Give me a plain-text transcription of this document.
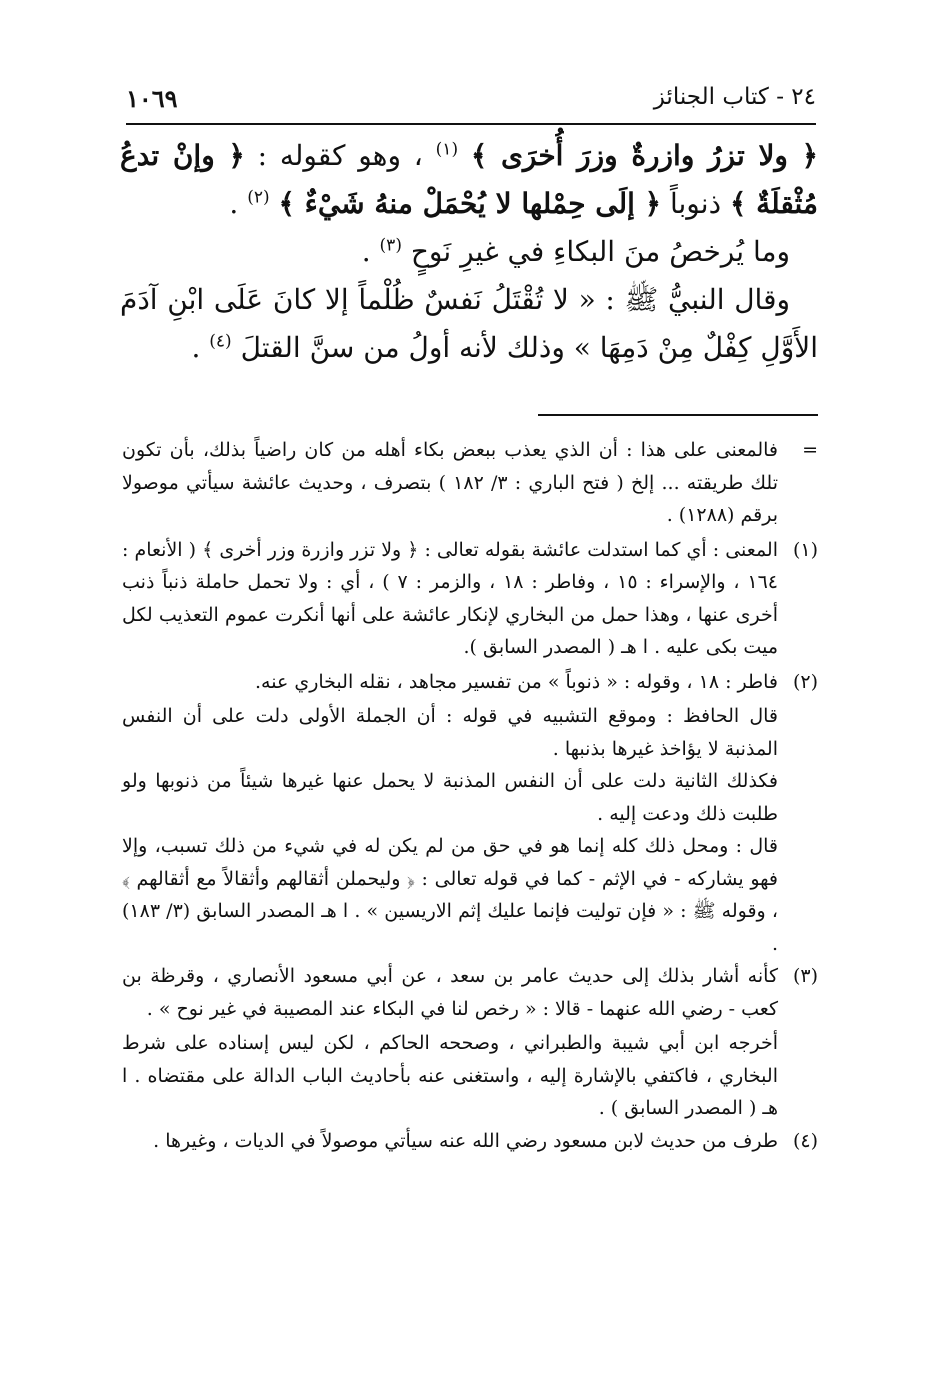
١٠٦٩	٢٤ - كتاب الجنائز

﴿ ولا تزرُ وازرةٌ وزرَ أُخرَى ﴾ $^{(١)}$ ، وهو كقوله : ﴿ وإنْ تدعُ مُثْقلَةٌ ﴾ ذنوباً ﴿ إلَى حِمْلها لا يُحْمَلْ منهُ شَيْءٌ ﴾ $^{(٢)}$ .

وما يُرخصُ منَ البكاءِ في غيرِ نَوحٍ $^{(٣)}$ .

وقال النبيُّ ﷺ : « لا تُقْتَلُ نَفسٌ ظُلْماً إلا كانَ عَلَى ابْنِ آدَمَ الأَوَّلِ كِفْلٌ مِنْ دَمِهَا » وذلك لأنه أولُ من سنَّ القتلَ $^{(٤)}$ .

=
فالمعنى على هذا : أن الذي يعذب ببعض بكاء أهله من كان راضياً بذلك، بأن تكون تلك طريقته ... إلخ ( فتح الباري : ٣/ ١٨٢ ) بتصرف ، وحديث عائشة سيأتي موصولا برقم (١٢٨٨) .
(١)
المعنى : أي كما استدلت عائشة بقوله تعالى : ﴿ ولا تزر وازرة وزر أخرى ﴾ ( الأنعام : ١٦٤ ، والإسراء : ١٥ ، وفاطر : ١٨ ، والزمر : ٧ ) ، أي : ولا تحمل حاملة ذنباً ذنب أخرى عنها ، وهذا حمل من البخاري لإنكار عائشة على أنها أنكرت عموم التعذيب لكل ميت بكى عليه . ا هـ ( المصدر السابق ).
(٢)
فاطر : ١٨ ، وقوله : « ذنوباً » من تفسير مجاهد ، نقله البخاري عنه.

قال الحافظ : وموقع التشبيه في قوله : أن الجملة الأولى دلت على أن النفس المذنبة لا يؤاخذ غيرها بذنبها .

فكذلك الثانية دلت على أن النفس المذنبة لا يحمل عنها غيرها شيئاً من ذنوبها ولو طلبت ذلك ودعت إليه .

قال : ومحل ذلك كله إنما هو في حق من لم يكن له في شيء من ذلك تسبب، وإلا فهو يشاركه - في الإثم - كما في قوله تعالى : ﴿ وليحملن أثقالهم وأثقالاً مع أثقالهم ﴾ ، وقوله ﷺ : « فإن توليت فإنما عليك إثم الاريسين » . ا هـ المصدر السابق (٣/ ١٨٣) .

(٣)
كأنه أشار بذلك إلى حديث عامر بن سعد ، عن أبي مسعود الأنصاري ، وقرظة بن كعب - رضي الله عنهما - قالا : « رخص لنا في البكاء عند المصيبة في غير نوح » .

أخرجه ابن أبي شيبة والطبراني ، وصححه الحاكم ، لكن ليس إسناده على شرط البخاري ، فاكتفي بالإشارة إليه ، واستغنى عنه بأحاديث الباب الدالة على مقتضاه . ا هـ ( المصدر السابق ) .

(٤)
طرف من حديث لابن مسعود رضي الله عنه سيأتي موصولاً في الديات ، وغيرها .
